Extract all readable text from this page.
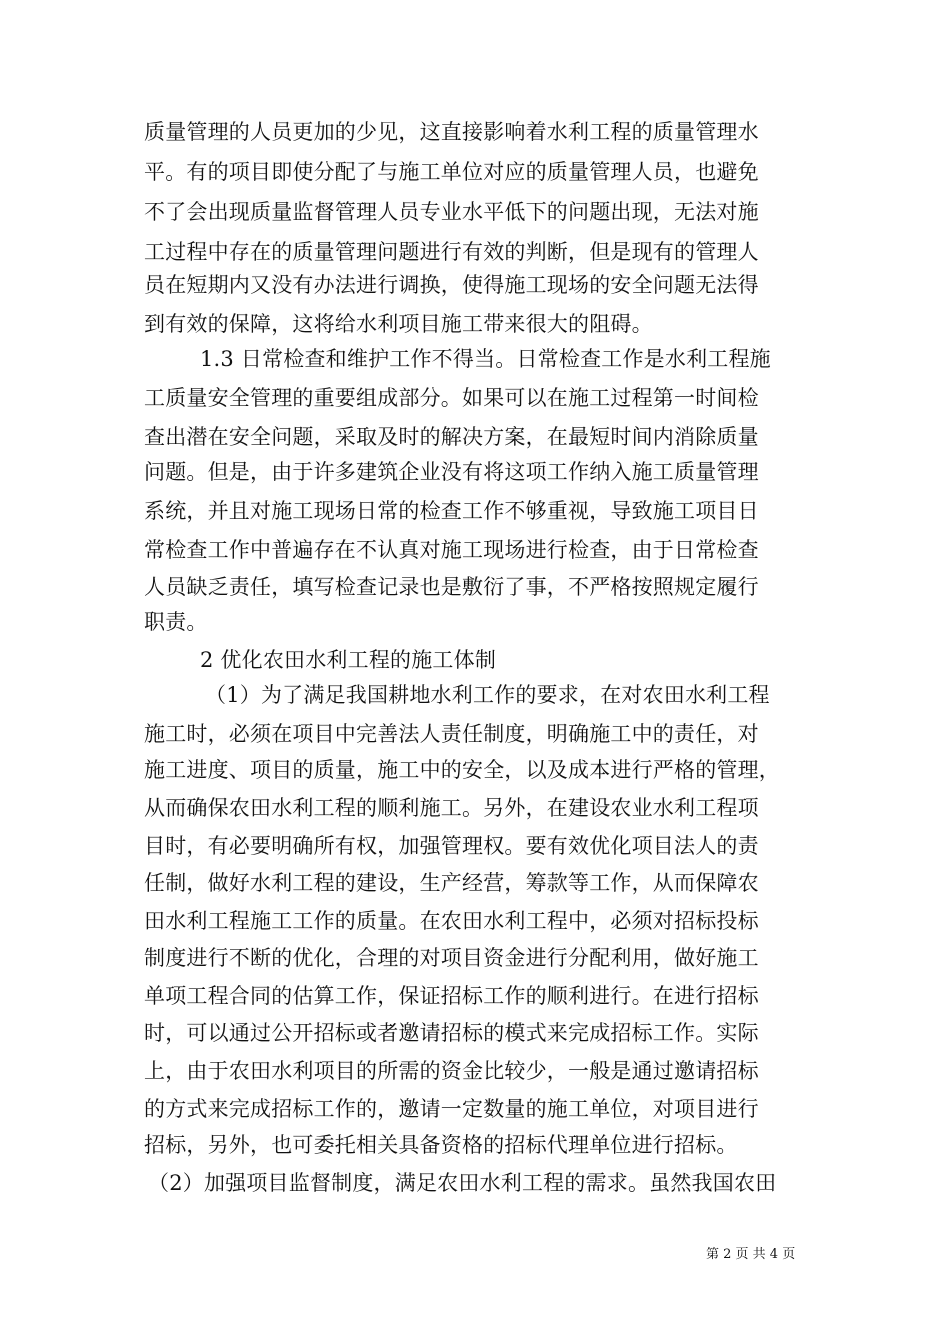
质量管理的人员更加的少见，这直接影响着水利工程的质量管理水
平。有的项目即使分配了与施工单位对应的质量管理人员，也避免
不了会出现质量监督管理人员专业水平低下的问题出现，无法对施
工过程中存在的质量管理问题进行有效的判断，但是现有的管理人
员在短期内又没有办法进行调换，使得施工现场的安全问题无法得
到有效的保障，这将给水利项目施工带来很大的阻碍。
1.3 日常检查和维护工作不得当。日常检查工作是水利工程施
工质量安全管理的重要组成部分。如果可以在施工过程第一时间检
查出潜在安全问题，采取及时的解决方案，在最短时间内消除质量
问题。但是，由于许多建筑企业没有将这项工作纳入施工质量管理
系统，并且对施工现场日常的检查工作不够重视，导致施工项目日
常检查工作中普遍存在不认真对施工现场进行检查，由于日常检查
人员缺乏责任，填写检查记录也是敷衍了事，不严格按照规定履行
职责。
2 优化农田水利工程的施工体制
（1）为了满足我国耕地水利工作的要求，在对农田水利工程
施工时，必须在项目中完善法人责任制度，明确施工中的责任，对
施工进度、项目的质量，施工中的安全，以及成本进行严格的管理，
从而确保农田水利工程的顺利施工。另外，在建设农业水利工程项
目时，有必要明确所有权，加强管理权。要有效优化项目法人的责
任制，做好水利工程的建设，生产经营，筹款等工作，从而保障农
田水利工程施工工作的质量。在农田水利工程中，必须对招标投标
制度进行不断的优化，合理的对项目资金进行分配利用，做好施工
单项工程合同的估算工作，保证招标工作的顺利进行。在进行招标
时，可以通过公开招标或者邀请招标的模式来完成招标工作。实际
上，由于农田水利项目的所需的资金比较少，一般是通过邀请招标
的方式来完成招标工作的，邀请一定数量的施工单位，对项目进行
招标，另外，也可委托相关具备资格的招标代理单位进行招标。
（2）加强项目监督制度，满足农田水利工程的需求。虽然我国农田
第 2 页 共 4 页
